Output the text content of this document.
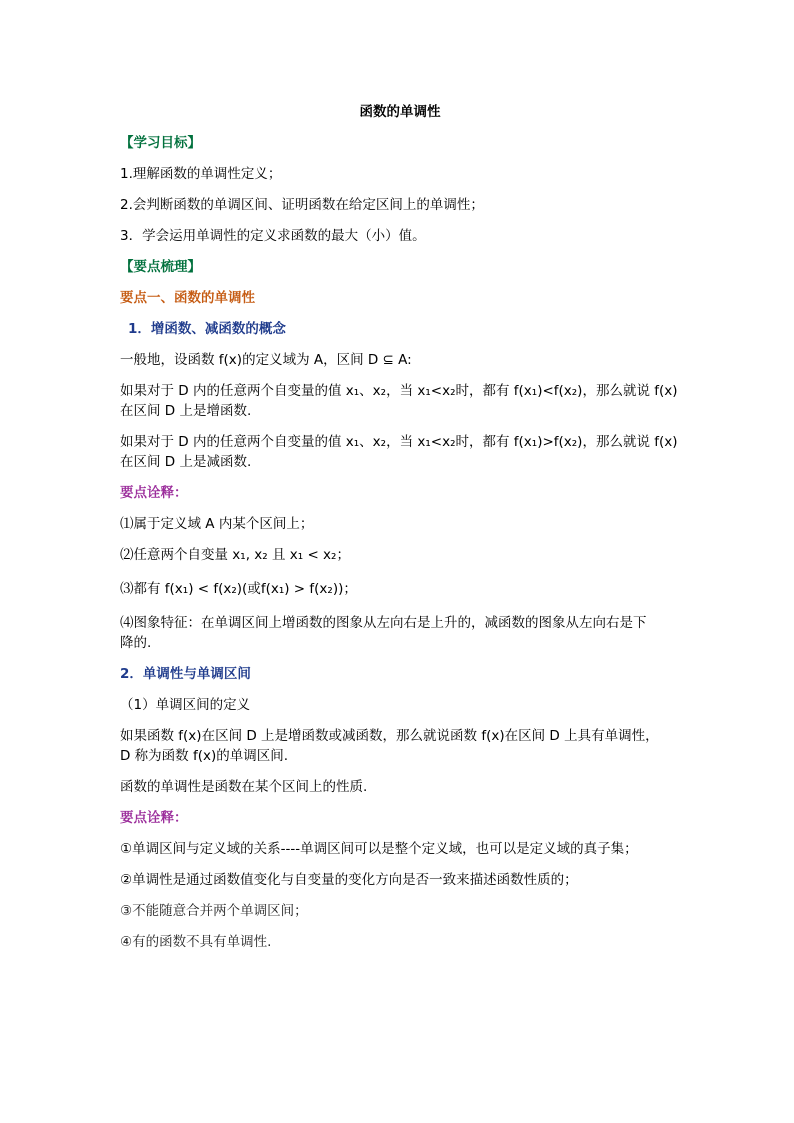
函数的单调性
【学习目标】
1.理解函数的单调性定义；
2.会判断函数的单调区间、证明函数在给定区间上的单调性；
3．学会运用单调性的定义求函数的最大（小）值。
【要点梳理】
要点一、函数的单调性
1．增函数、减函数的概念
一般地，设函数 f(x)的定义域为 A，区间 D ⊆ A:
如果对于 D 内的任意两个自变量的值 x₁、x₂，当 x₁<x₂时，都有 f(x₁)<f(x₂)，那么就说 f(x)
在区间 D 上是增函数.
如果对于 D 内的任意两个自变量的值 x₁、x₂，当 x₁<x₂时，都有 f(x₁)>f(x₂)，那么就说 f(x)
在区间 D 上是减函数.
要点诠释：
⑴属于定义域 A 内某个区间上；
⑵任意两个自变量 x₁, x₂ 且 x₁ < x₂；
⑶都有 f(x₁) < f(x₂)(或f(x₁) > f(x₂))；
⑷图象特征：在单调区间上增函数的图象从左向右是上升的，减函数的图象从左向右是下
降的.
2．单调性与单调区间
（1）单调区间的定义
如果函数 f(x)在区间 D 上是增函数或减函数，那么就说函数 f(x)在区间 D 上具有单调性，
D 称为函数 f(x)的单调区间.
函数的单调性是函数在某个区间上的性质.
要点诠释：
①单调区间与定义域的关系----单调区间可以是整个定义域，也可以是定义域的真子集；
②单调性是通过函数值变化与自变量的变化方向是否一致来描述函数性质的；
③不能随意合并两个单调区间；
④有的函数不具有单调性.
